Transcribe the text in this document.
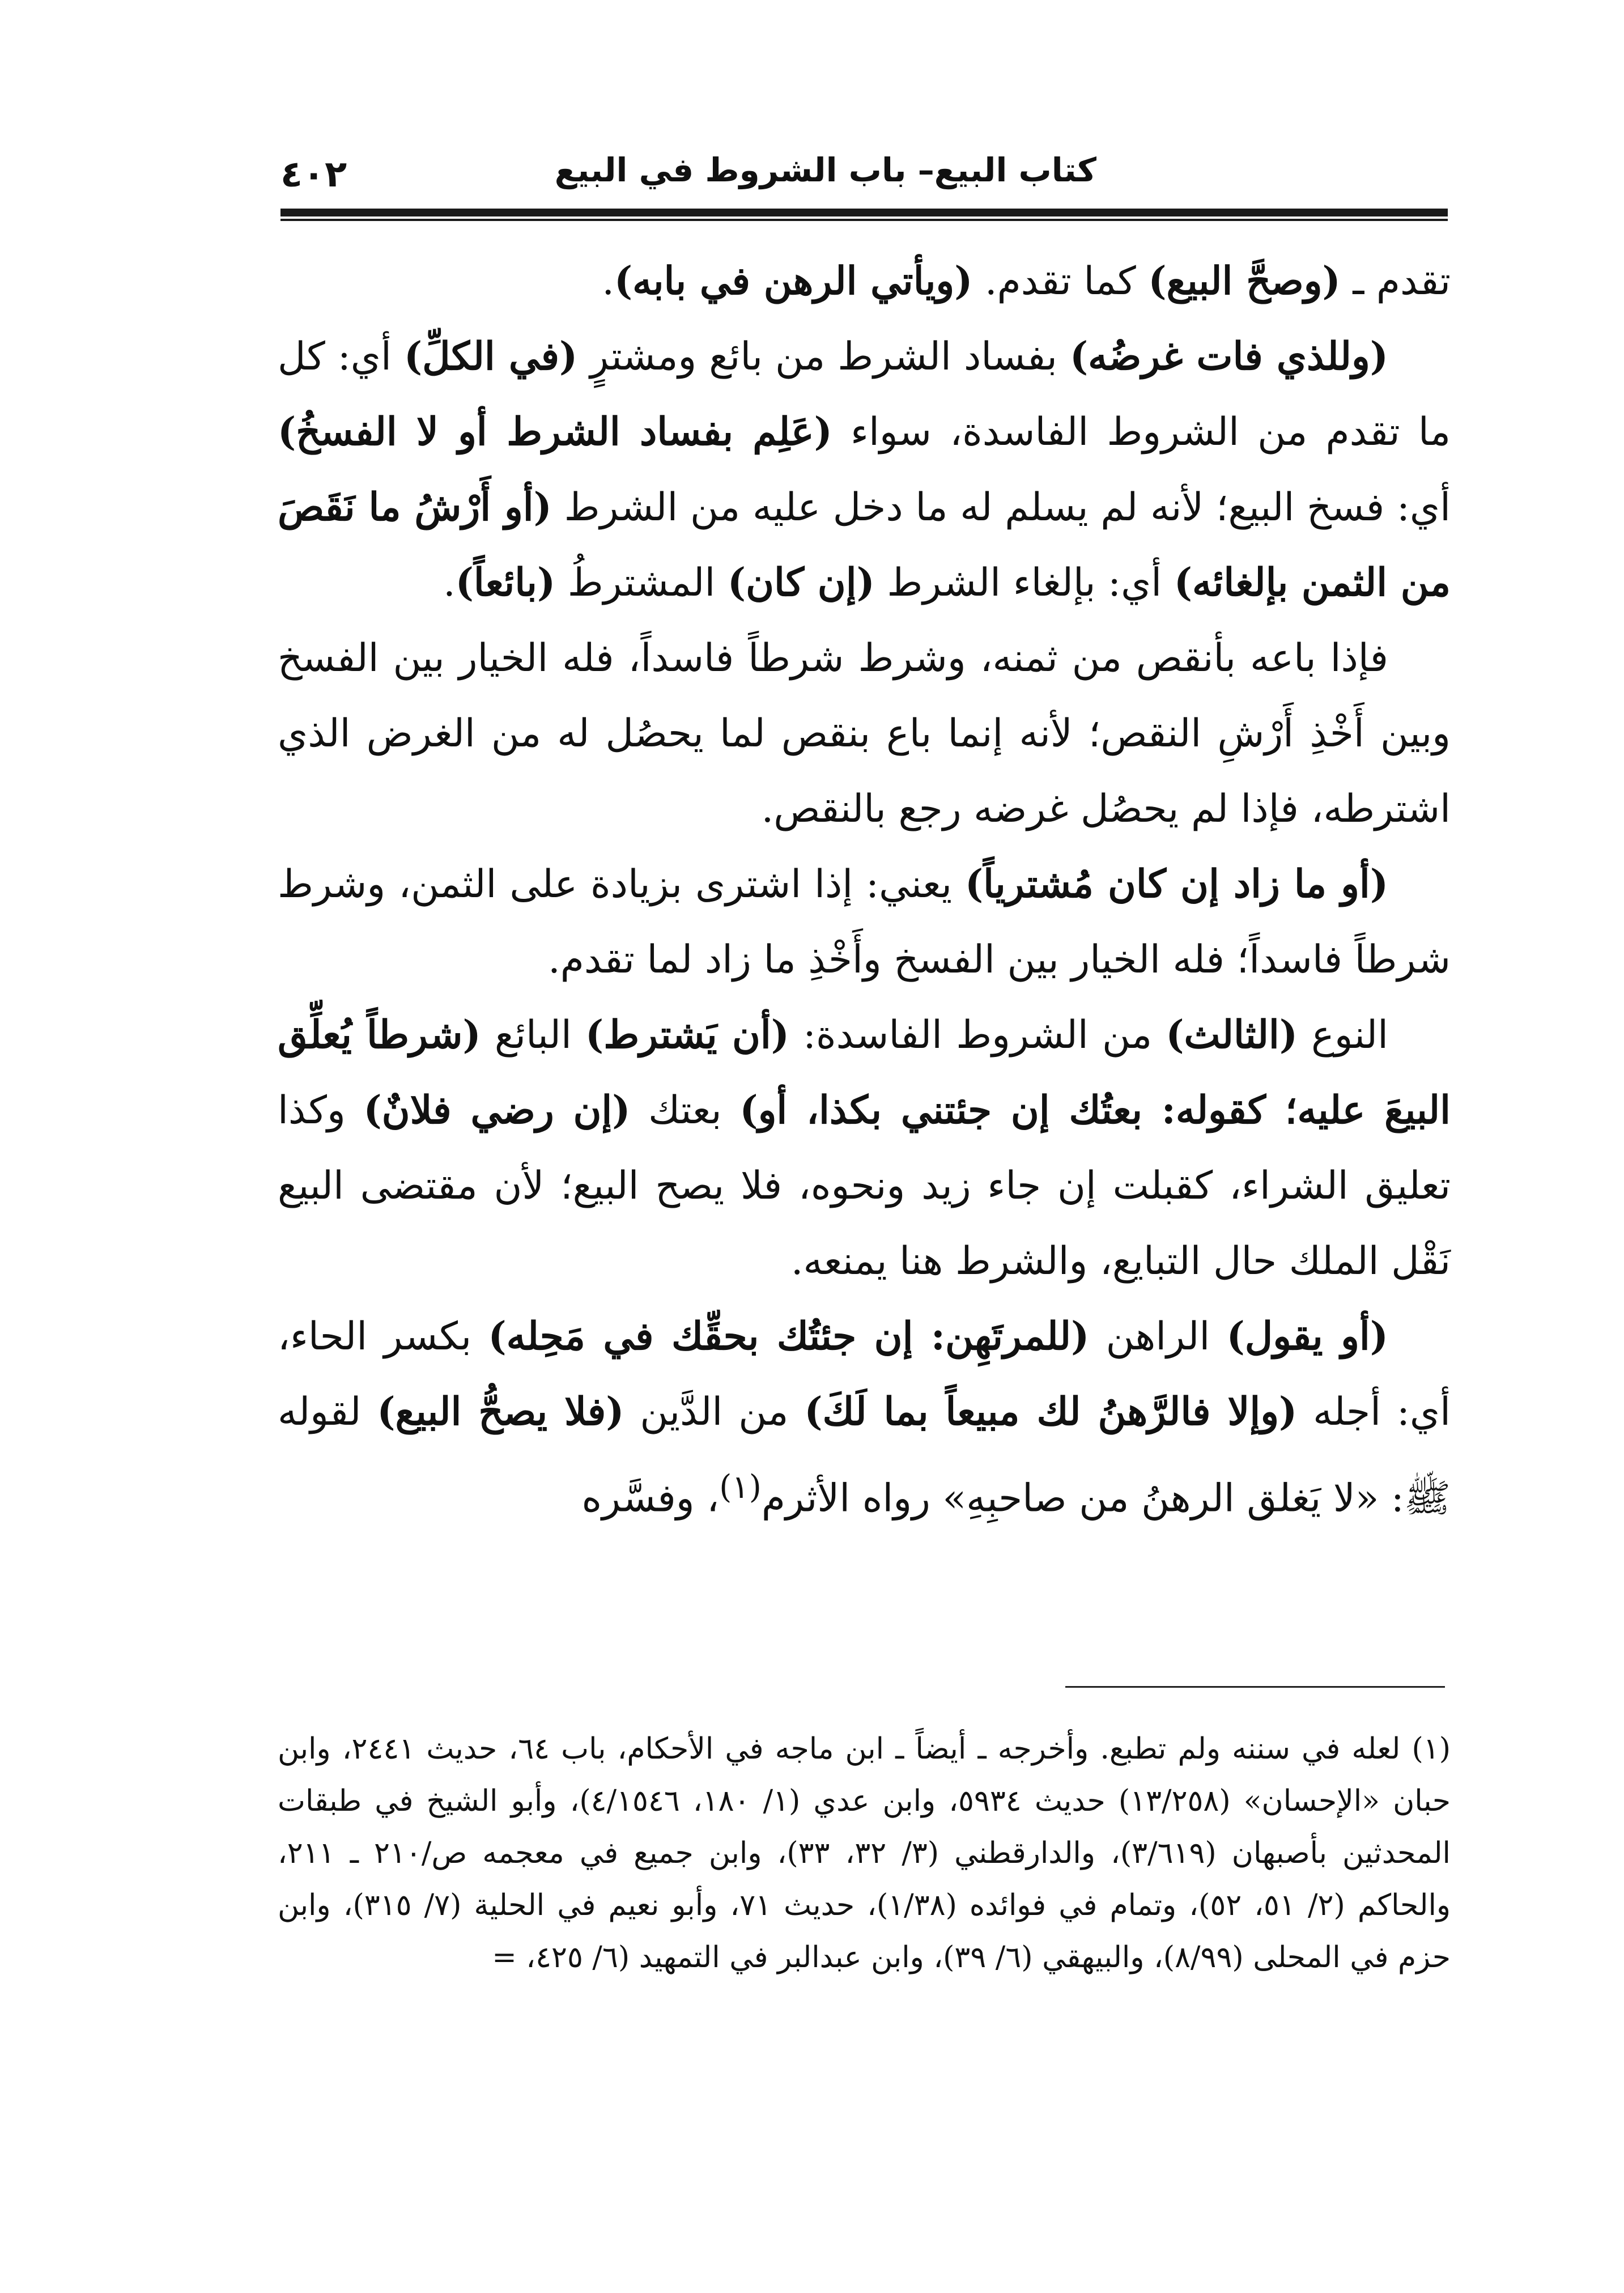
كتاب البيع– باب الشروط في البيع
٤٠٢

تقدم ـ (وصحَّ البيع) كما تقدم. (ويأتي الرهن في بابه).

(وللذي فات غرضُه) بفساد الشرط من بائع ومشترٍ (في الكلِّ) أي: كل ما تقدم من الشروط الفاسدة، سواء (عَلِم بفساد الشرط أو لا الفسخُ) أي: فسخ البيع؛ لأنه لم يسلم له ما دخل عليه من الشرط (أو أَرْشُ ما نَقَصَ من الثمن بإلغائه) أي: بإلغاء الشرط (إن كان) المشترطُ (بائعاً).

فإذا باعه بأنقص من ثمنه، وشرط شرطاً فاسداً، فله الخيار بين الفسخ وبين أَخْذِ أَرْشِ النقص؛ لأنه إنما باع بنقص لما يحصُل له من الغرض الذي اشترطه، فإذا لم يحصُل غرضه رجع بالنقص.

(أو ما زاد إن كان مُشترياً) يعني: إذا اشترى بزيادة على الثمن، وشرط شرطاً فاسداً؛ فله الخيار بين الفسخ وأَخْذِ ما زاد لما تقدم.

النوع (الثالث) من الشروط الفاسدة: (أن يَشترط) البائع (شرطاً يُعلِّق البيعَ عليه؛ كقوله: بعتُك إن جئتني بكذا، أو) بعتك (إن رضي فلانٌ) وكذا تعليق الشراء، كقبلت إن جاء زيد ونحوه، فلا يصح البيع؛ لأن مقتضى البيع نَقْل الملك حال التبايع، والشرط هنا يمنعه.

(أو يقول) الراهن (للمرتَهِن: إن جئتُك بحقِّك في مَحِله) بكسر الحاء، أي: أجله (وإلا فالرَّهنُ لك مبيعاً بما لَكَ) من الدَّين (فلا يصحُّ البيع) لقوله ﷺ: «لا يَغلق الرهنُ من صاحبِهِ» رواه الأثرم$^{(١)}$، وفسَّره

(١) لعله في سننه ولم تطبع. وأخرجه ـ أيضاً ـ ابن ماجه في الأحكام، باب ٦٤، حديث ٢٤٤١، وابن حبان «الإحسان» (١٣/٢٥٨) حديث ٥٩٣٤، وابن عدي (١/ ١٨٠، ٤/١٥٤٦)، وأبو الشيخ في طبقات المحدثين بأصبهان (٣/٦١٩)، والدارقطني (٣/ ٣٢، ٣٣)، وابن جميع في معجمه ص/٢١٠ ـ ٢١١، والحاكم (٢/ ٥١، ٥٢)، وتمام في فوائده (١/٣٨)، حديث ٧١، وأبو نعيم في الحلية (٧/ ٣١٥)، وابن حزم في المحلى (٨/٩٩)، والبيهقي (٦/ ٣٩)، وابن عبدالبر في التمهيد (٦/ ٤٢٥، =
